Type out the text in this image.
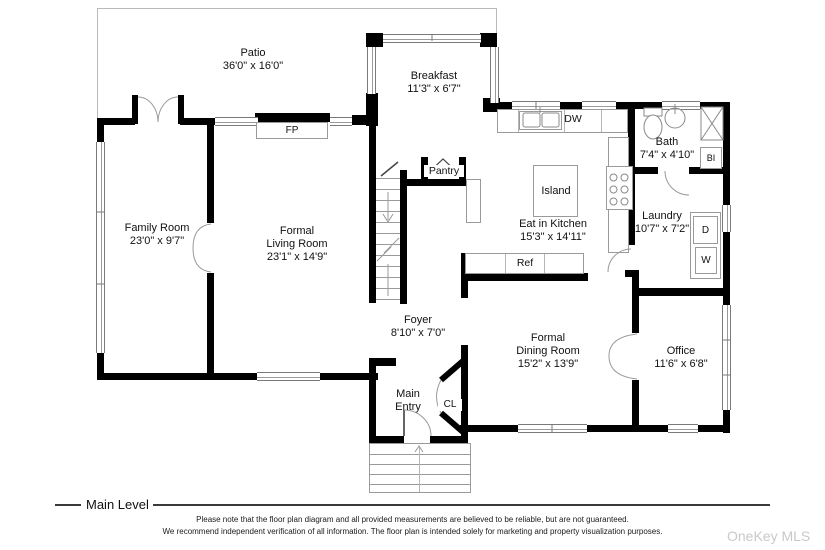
BI
D
W
Patio
36'0" x 16'0"
Breakfast
11'3" x 6'7"
Family Room
23'0" x 9'7"
Formal
Living Room
23'1" x 14'9"
Eat in Kitchen
15'3" x 14'11"
Bath
7'4" x 4'10"
Laundry
10'7" x 7'2"
Foyer
8'10" x 7'0"	Formal
Dining Room
15'2" x 13'9"
Office
11'6" x 6'8"
Main
Entry
FP
DW
Ref
Island
Pantry
CL
Main Level
Please note that the floor plan diagram and all provided measurements are believed to be reliable, but are not guaranteed.
We recommend independent verification of all information. The floor plan is intended solely for marketing and property visualization purposes.	OneKey MLS
